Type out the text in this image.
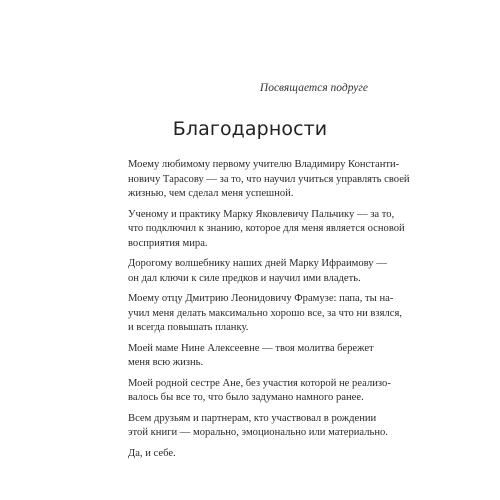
Посвящается подруге
Благодарности

Моему любимому первому учителю Владимиру Константи-
новичу Тарасову — за то, что научил учиться управлять своей
жизнью, чем сделал меня успешной.

Ученому и практику Марку Яковлевичу Пальчику — за то,
что подключил к знанию, которое для меня является основой
восприятия мира.

Дорогому волшебнику наших дней Марку Ифраимову —
он дал ключи к силе предков и научил ими владеть.

Моему отцу Дмитрию Леонидовичу Фрамузе: папа, ты на-
учил меня делать максимально хорошо все, за что ни взялся,
и всегда повышать планку.

Моей маме Нине Алексеевне — твоя молитва бережет
меня всю жизнь.

Моей родной сестре Ане, без участия которой не реализо-
валось бы все то, что было задумано намного ранее.

Всем друзьям и партнерам, кто участвовал в рождении
этой книги — морально, эмоционально или материально.

Да, и себе.
